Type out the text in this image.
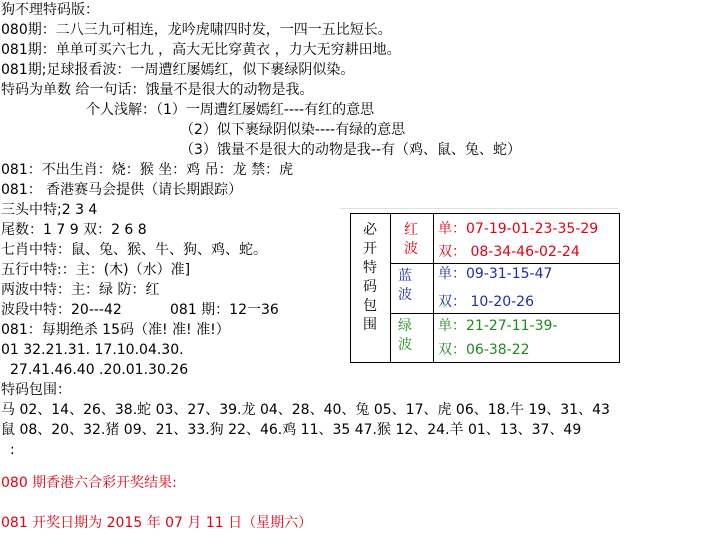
狗不理特码版：
080期：二八三九可相连，龙吟虎啸四时发，一四一五比短长。
081期：单单可买六七九 ，高大无比穿黄衣 ，力大无穷耕田地。
081期;足球报看波：一周遭红屡嫣红，似下裹绿阴似染。
特码为单数 给一句话：饿量不是很大的动物是我。
个人浅解：（1）一周遭红屡嫣红----有红的意思
（2）似下裹绿阴似染----有绿的意思
（3）饿量不是很大的动物是我--有（鸡、鼠、兔、蛇）
081：不出生肖：烧：猴 坐：鸡 吊：龙 禁：虎
081： 香港赛马会提供（请长期跟踪）
三头中特;2 3 4
尾数：1 7 9 双：2 6 8
七肖中特：鼠、兔、猴、牛、狗、鸡、蛇。
五行中特:：主：(木)（水）准]
两波中特：主：绿 防：红
波段中特：20---42	081 期：12一36
081：每期绝杀 15码（准! 准! 准!）
01 32.21.31. 17.10.04.30.
27.41.46.40 .20.01.30.26
特码包围：
马 02、14、26、38.蛇 03、27、39.龙 04、28、40、兔 05、17、虎 06、18.牛 19、31、43
鼠 08、20、32.猪 09、21、33.狗 22、46.鸡 11、35 47.猴 12、24.羊 01、13、37、49
:
080 期香港六合彩开奖结果:
081 开奖日期为 2015 年 07 月 11 日（星期六）
必开特码包围
红波
单：07-19-01-23-35-29
双： 08-34-46-02-24
蓝波
单：09-31-15-47
双： 10-20-26
绿波
单：21-27-11-39-
双：06-38-22
